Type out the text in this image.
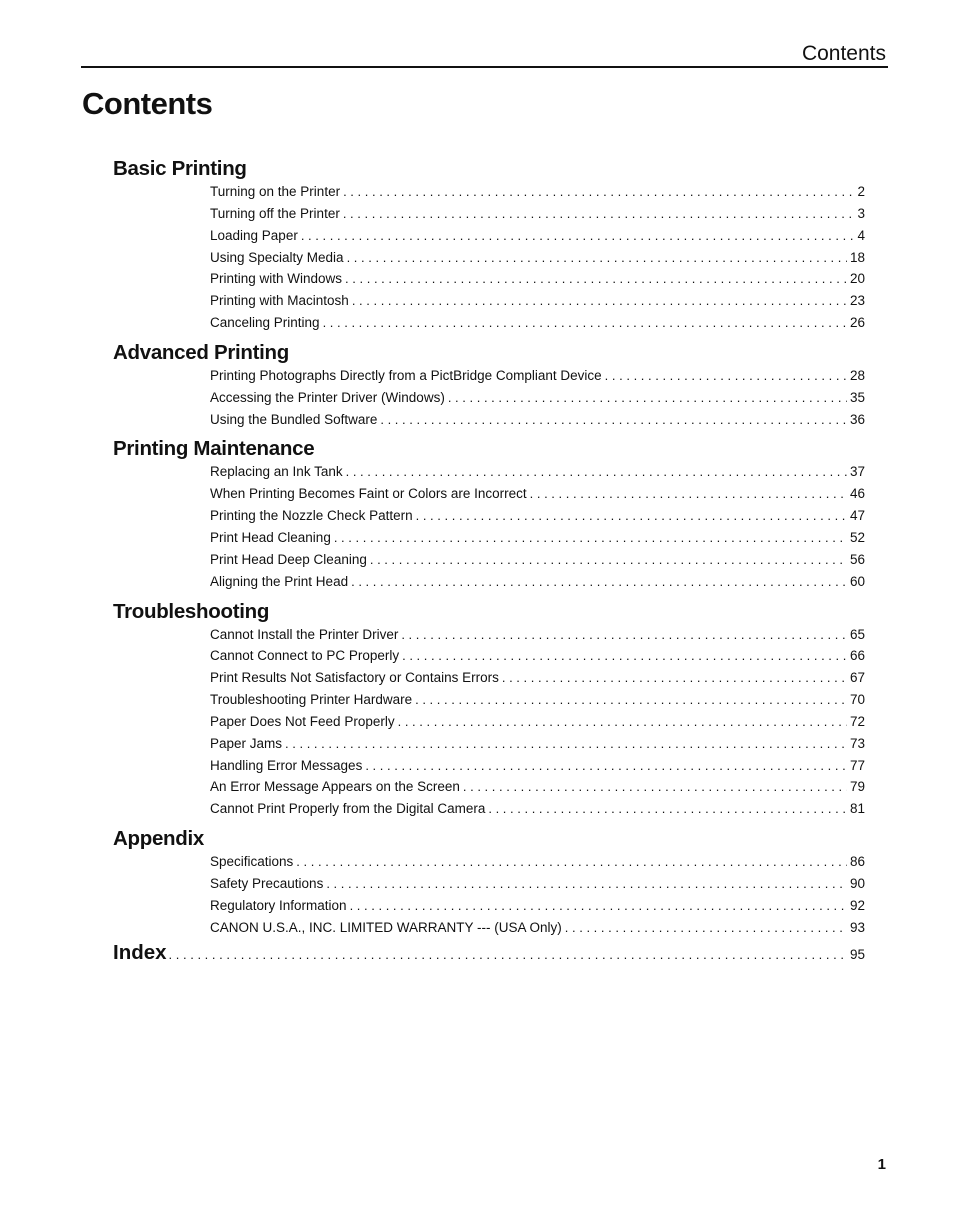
Contents
Contents
Basic Printing
Turning on the Printer . . .	2
Turning off the Printer . . .	3
Loading Paper . . .	4
Using Specialty Media . . .	18
Printing with Windows . . .	20
Printing with Macintosh . . .	23
Canceling Printing . . .	26
Advanced Printing
Printing Photographs Directly from a PictBridge Compliant Device . . .	28
Accessing the Printer Driver (Windows) . . .	35
Using the Bundled Software . . .	36
Printing Maintenance
Replacing an Ink Tank . . .	37
When Printing Becomes Faint or Colors are Incorrect . . .	46
Printing the Nozzle Check Pattern . . .	47
Print Head Cleaning . . .	52
Print Head Deep Cleaning . . .	56
Aligning the Print Head . . .	60
Troubleshooting
Cannot Install the Printer Driver . . .	65
Cannot Connect to PC Properly . . .	66
Print Results Not Satisfactory or Contains Errors . . .	67
Troubleshooting Printer Hardware . . .	70
Paper Does Not Feed Properly . . .	72
Paper Jams . . .	73
Handling Error Messages . . .	77
An Error Message Appears on the Screen . . .	79
Cannot Print Properly from the Digital Camera . . .	81
Appendix
Specifications . . .	86
Safety Precautions . . .	90
Regulatory Information . . .	92
CANON U.S.A., INC. LIMITED WARRANTY --- (USA Only) . . .	93
Index . . .	95
1
